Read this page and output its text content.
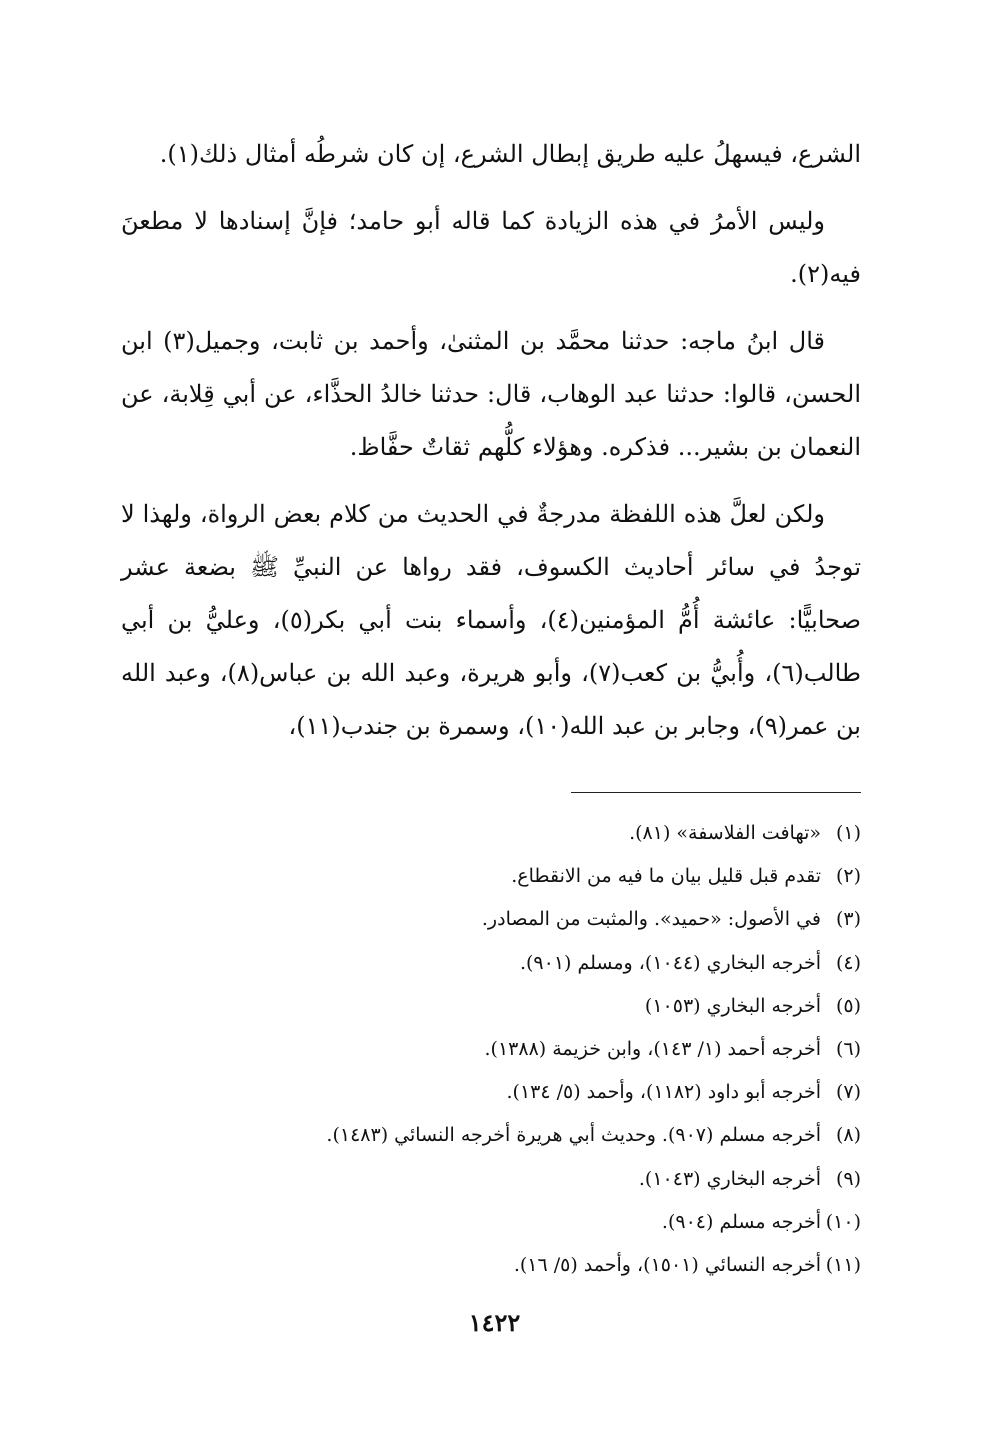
الشرع، فيسهلُ عليه طريق إبطال الشرع، إن كان شرطُه أمثال ذلك(١).

وليس الأمرُ في هذه الزيادة كما قاله أبو حامد؛ فإنَّ إسنادها لا مطعنَ فيه(٢).

قال ابنُ ماجه: حدثنا محمَّد بن المثنىٰ، وأحمد بن ثابت، وجميل(٣) ابن الحسن، قالوا: حدثنا عبد الوهاب، قال: حدثنا خالدُ الحذَّاء، عن أبي قِلابة، عن النعمان بن بشير... فذكره. وهؤلاء كلُّهم ثقاتٌ حفَّاظ.

ولكن لعلَّ هذه اللفظة مدرجةٌ في الحديث من كلام بعض الرواة، ولهذا لا توجدُ في سائر أحاديث الكسوف، فقد رواها عن النبيِّ ﷺ بضعة عشر صحابيًّا: عائشة أُمُّ المؤمنين(٤)، وأسماء بنت أبي بكر(٥)، وعليُّ بن أبي طالب(٦)، وأُبيُّ بن كعب(٧)، وأبو هريرة، وعبد الله بن عباس(٨)، وعبد الله بن عمر(٩)، وجابر بن عبد الله(١٠)، وسمرة بن جندب(١١)،

(١)«تهافت الفلاسفة» (٨١).
(٢)تقدم قبل قليل بيان ما فيه من الانقطاع.
(٣)في الأصول: «حميد». والمثبت من المصادر.
(٤)أخرجه البخاري (١٠٤٤)، ومسلم (٩٠١).
(٥)أخرجه البخاري (١٠٥٣)
(٦)أخرجه أحمد (١/ ١٤٣)، وابن خزيمة (١٣٨٨).
(٧)أخرجه أبو داود (١١٨٢)، وأحمد (٥/ ١٣٤).
(٨)أخرجه مسلم (٩٠٧). وحديث أبي هريرة أخرجه النسائي (١٤٨٣).
(٩)أخرجه البخاري (١٠٤٣).
(١٠)أخرجه مسلم (٩٠٤).
(١١)أخرجه النسائي (١٥٠١)، وأحمد (٥/ ١٦).
١٤٢٢
